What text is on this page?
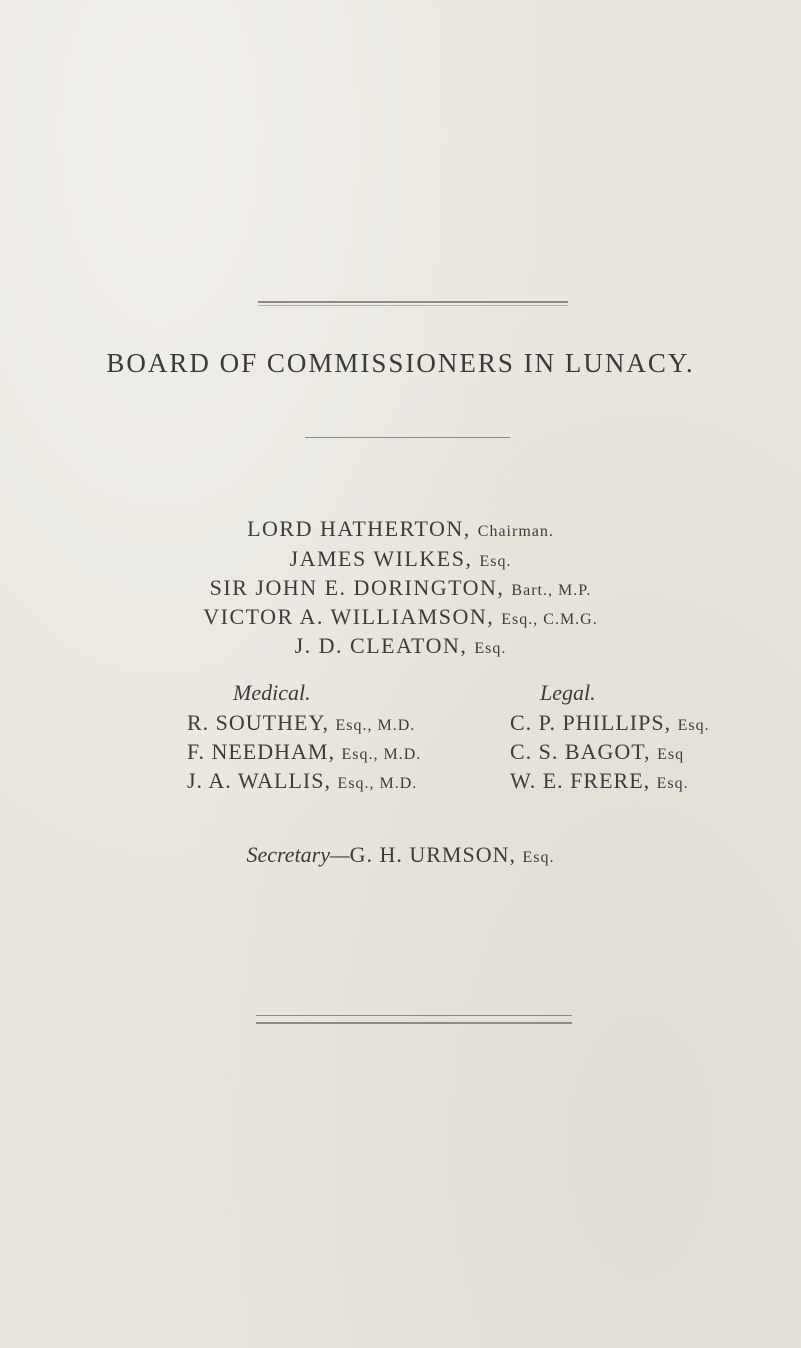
BOARD OF COMMISSIONERS IN LUNACY.
LORD HATHERTON, Chairman.
JAMES WILKES, Esq.
SIR JOHN E. DORINGTON, Bart., M.P.
VICTOR A. WILLIAMSON, Esq., C.M.G.
J. D. CLEATON, Esq.
Medical.	Legal.
R. SOUTHEY, Esq., M.D.
F. NEEDHAM, Esq., M.D.
J. A. WALLIS, Esq., M.D.
C. P. PHILLIPS, Esq.
C. S. BAGOT, Esq
W. E. FRERE, Esq.
Secretary—G. H. URMSON, Esq.
